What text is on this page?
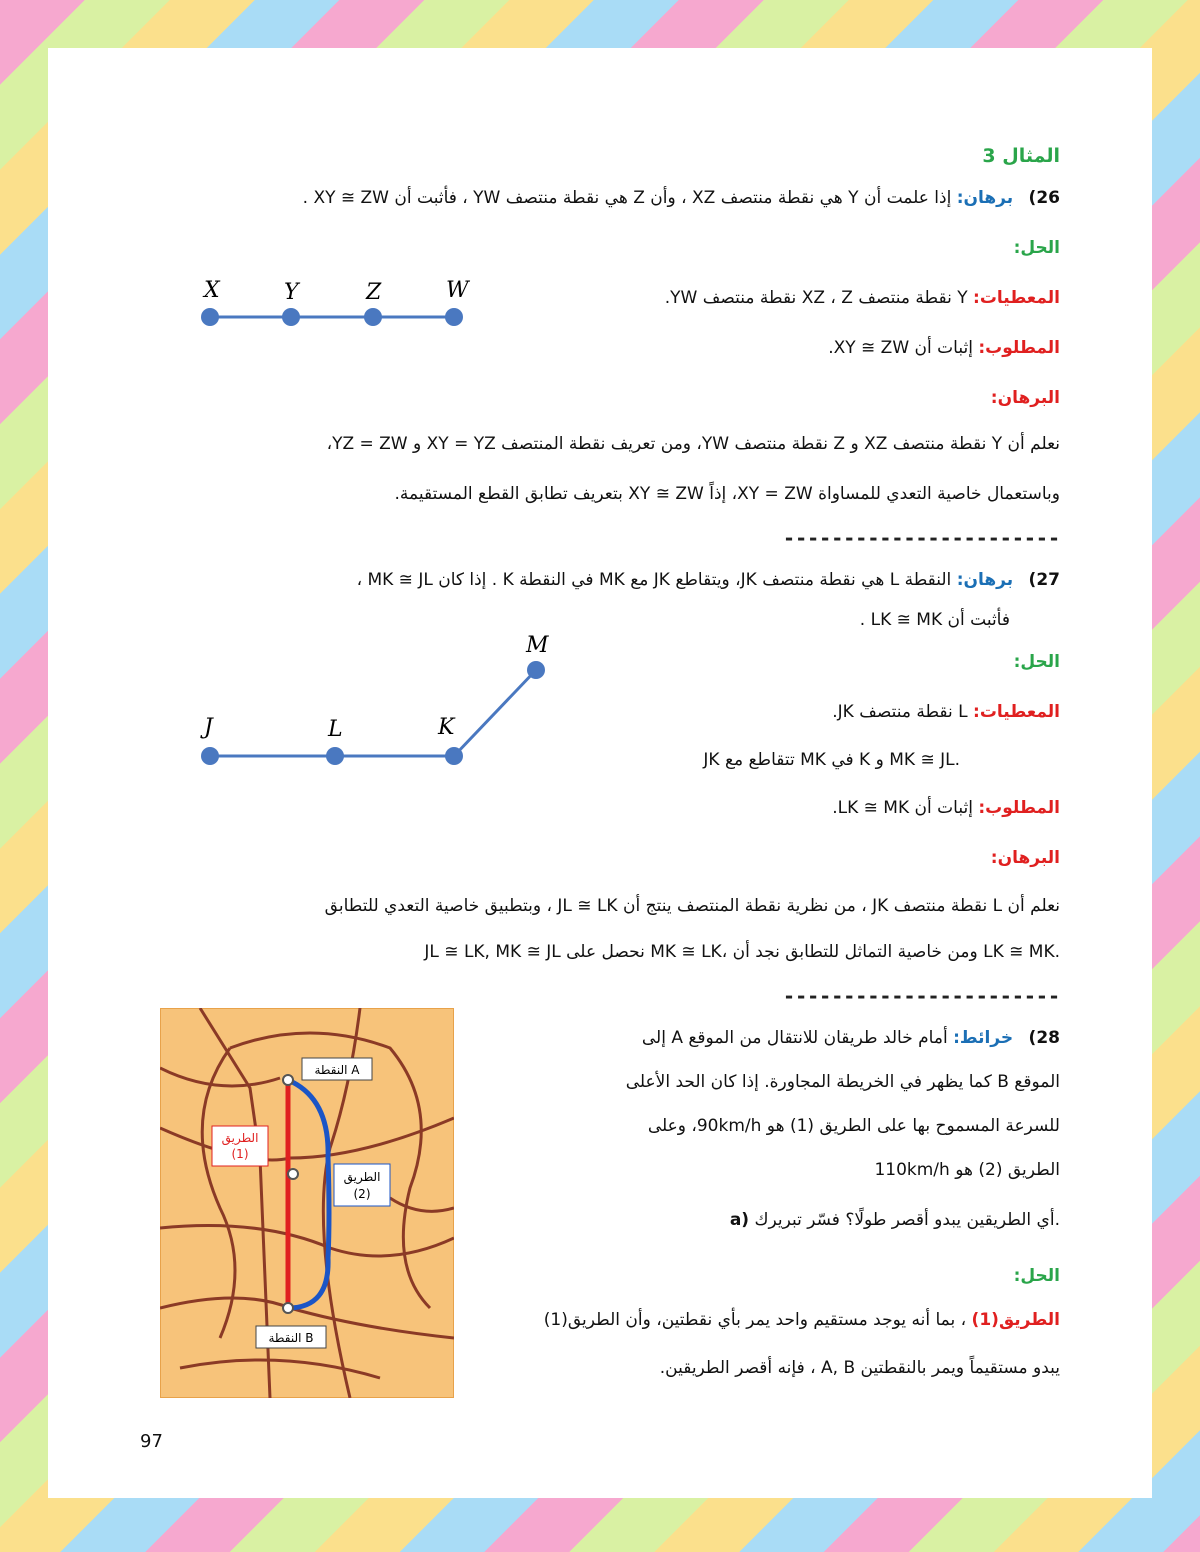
المثال 3
26) برهان: إذا علمت أن Y هي نقطة منتصف XZ ، وأن Z هي نقطة منتصف YW ، فأثبت أن XY ≅ ZW .
الحل:
المعطيات: Y نقطة منتصف XZ ، Z نقطة منتصف YW.
المطلوب: إثبات أن XY ≅ ZW.
البرهان:
نعلم أن Y نقطة منتصف XZ و Z نقطة منتصف YW، ومن تعريف نقطة المنتصف XY = YZ و YZ = ZW،
وباستعمال خاصية التعدي للمساواة XY = ZW، إذاً XY ≅ ZW بتعريف تطابق القطع المستقيمة.
X	Y	Z	W
-----------------------
27) برهان: النقطة L هي نقطة منتصف JK، ويتقاطع JK مع MK في النقطة K . إذا كان MK ≅ JL ،
فأثبت أن LK ≅ MK .
الحل:
المعطيات: L نقطة منتصف JK.
JK تتقاطع مع MK في K و MK ≅ JL.
المطلوب: إثبات أن LK ≅ MK.
البرهان:
نعلم أن L نقطة منتصف JK ، من نظرية نقطة المنتصف ينتج أن JL ≅ LK ، وبتطبيق خاصية التعدي للتطابق
JL ≅ LK, MK ≅ JL نحصل على MK ≅ LK، ومن خاصية التماثل للتطابق نجد أن LK ≅ MK.
J	L	K
M
-----------------------
28) خرائط: أمام خالد طريقان للانتقال من الموقع A إلى
الموقع B كما يظهر في الخريطة المجاورة. إذا كان الحد الأعلى
للسرعة المسموح بها على الطريق (1) هو 90km/h، وعلى
الطريق (2) هو 110km/h
a) أي الطريقين يبدو أقصر طولًا؟ فسّر تبريرك.
الحل:
الطريق(1) ، بما أنه يوجد مستقيم واحد يمر بأي نقطتين، وأن الطريق(1)
يبدو مستقيماً ويمر بالنقطتين A, B ، فإنه أقصر الطريقين.
النقطة A
الطريق
(1)
الطريق
(2)
النقطة B
97
